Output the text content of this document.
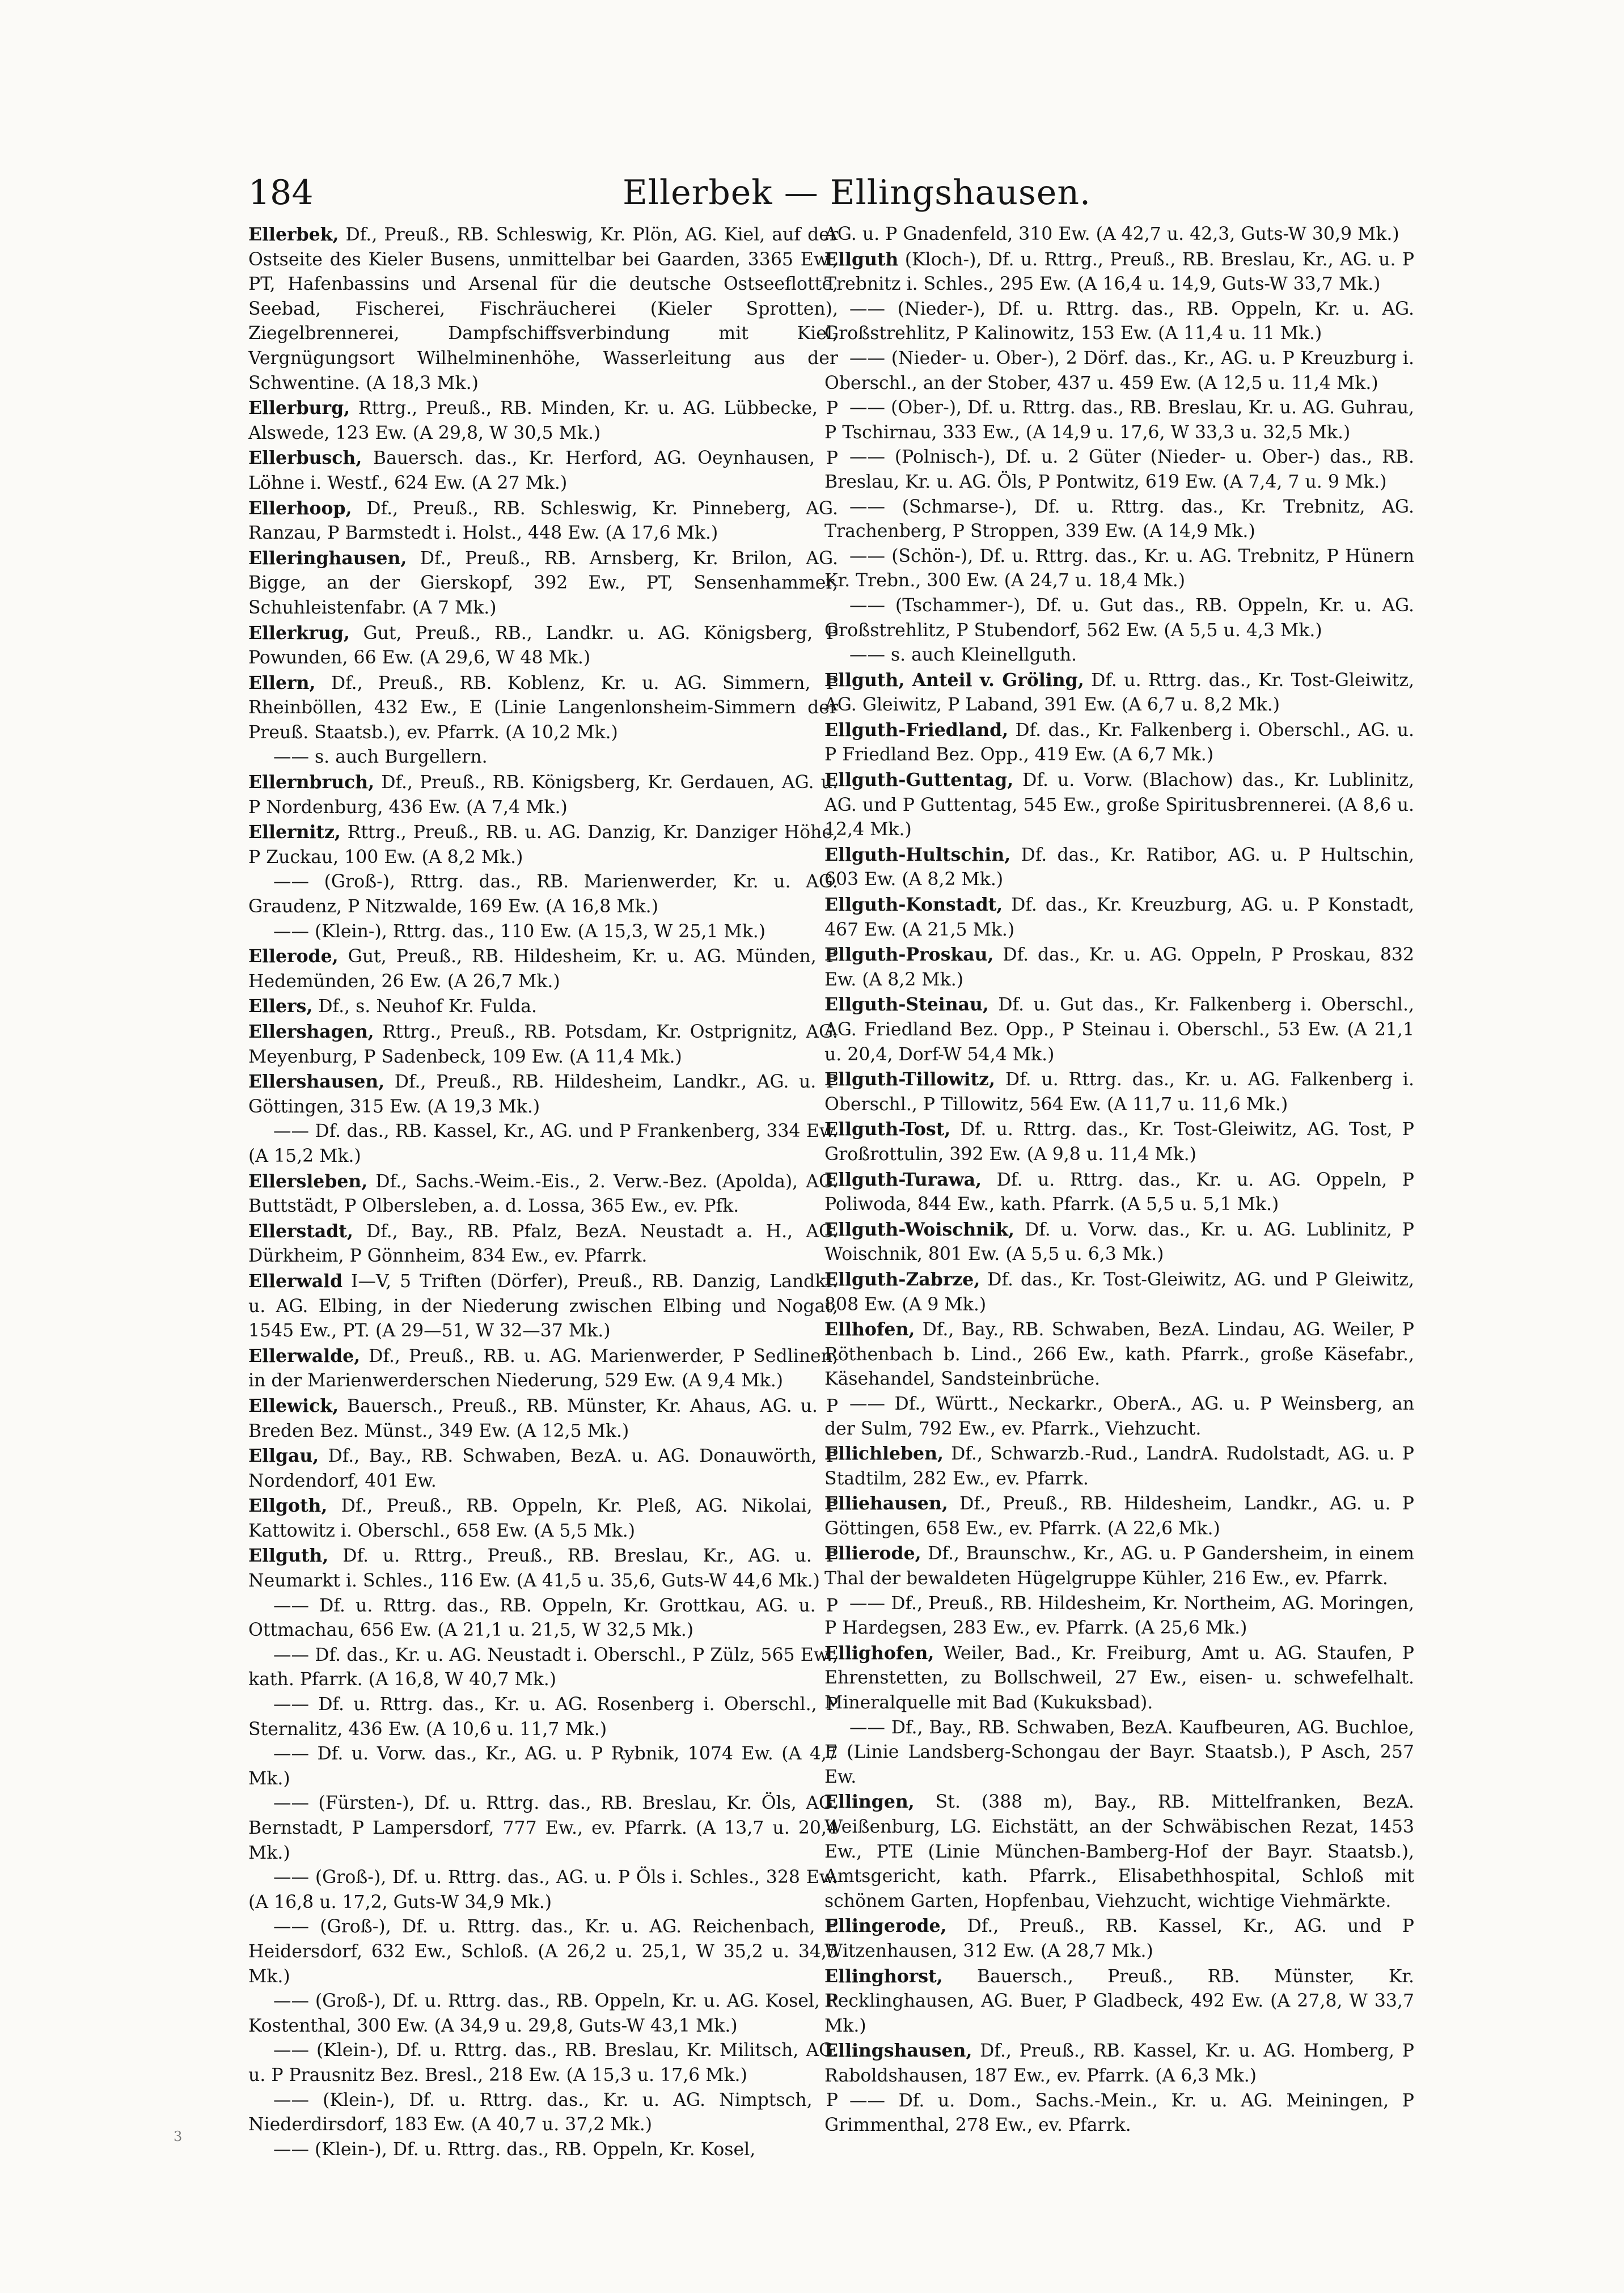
184	Ellerbek — Ellingshausen.

Ellerbek, Df., Preuß., RB. Schleswig, Kr. Plön, AG. Kiel, auf der Ostseite des Kieler Busens, unmittelbar bei Gaarden, 3365 Ew., PT, Hafenbassins und Arsenal für die deutsche Ostseeflotte, Seebad, Fischerei, Fischräucherei (Kieler Sprotten), Ziegelbrennerei, Dampfschiffsverbindung mit Kiel, Vergnügungsort Wilhelminenhöhe, Wasserleitung aus der Schwentine. (A 18,3 Mk.)

Ellerburg, Rttrg., Preuß., RB. Minden, Kr. u. AG. Lübbecke, P Alswede, 123 Ew. (A 29,8, W 30,5 Mk.)

Ellerbusch, Bauersch. das., Kr. Herford, AG. Oeynhausen, P Löhne i. Westf., 624 Ew. (A 27 Mk.)

Ellerhoop, Df., Preuß., RB. Schleswig, Kr. Pinneberg, AG. Ranzau, P Barmstedt i. Holst., 448 Ew. (A 17,6 Mk.)

Elleringhausen, Df., Preuß., RB. Arnsberg, Kr. Brilon, AG. Bigge, an der Gierskopf, 392 Ew., PT, Sensenhammer, Schuhleistenfabr. (A 7 Mk.)

Ellerkrug, Gut, Preuß., RB., Landkr. u. AG. Königsberg, P Powunden, 66 Ew. (A 29,6, W 48 Mk.)

Ellern, Df., Preuß., RB. Koblenz, Kr. u. AG. Simmern, P Rheinböllen, 432 Ew., E (Linie Langenlonsheim-Simmern der Preuß. Staatsb.), ev. Pfarrk. (A 10,2 Mk.)

—— s. auch Burgellern.

Ellernbruch, Df., Preuß., RB. Königsberg, Kr. Gerdauen, AG. u. P Nordenburg, 436 Ew. (A 7,4 Mk.)

Ellernitz, Rttrg., Preuß., RB. u. AG. Danzig, Kr. Danziger Höhe, P Zuckau, 100 Ew. (A 8,2 Mk.)

—— (Groß-), Rttrg. das., RB. Marienwerder, Kr. u. AG. Graudenz, P Nitzwalde, 169 Ew. (A 16,8 Mk.)

—— (Klein-), Rttrg. das., 110 Ew. (A 15,3, W 25,1 Mk.)

Ellerode, Gut, Preuß., RB. Hildesheim, Kr. u. AG. Münden, P Hedemünden, 26 Ew. (A 26,7 Mk.)

Ellers, Df., s. Neuhof Kr. Fulda.

Ellershagen, Rttrg., Preuß., RB. Potsdam, Kr. Ostprignitz, AG. Meyenburg, P Sadenbeck, 109 Ew. (A 11,4 Mk.)

Ellershausen, Df., Preuß., RB. Hildesheim, Landkr., AG. u. P Göttingen, 315 Ew. (A 19,3 Mk.)

—— Df. das., RB. Kassel, Kr., AG. und P Frankenberg, 334 Ew. (A 15,2 Mk.)

Ellersleben, Df., Sachs.-Weim.-Eis., 2. Verw.-Bez. (Apolda), AG. Buttstädt, P Olbersleben, a. d. Lossa, 365 Ew., ev. Pfk.

Ellerstadt, Df., Bay., RB. Pfalz, BezA. Neustadt a. H., AG. Dürkheim, P Gönnheim, 834 Ew., ev. Pfarrk.

Ellerwald I—V, 5 Triften (Dörfer), Preuß., RB. Danzig, Landkr. u. AG. Elbing, in der Niederung zwischen Elbing und Nogat, 1545 Ew., PT. (A 29—51, W 32—37 Mk.)

Ellerwalde, Df., Preuß., RB. u. AG. Marienwerder, P Sedlinen, in der Marienwerderschen Niederung, 529 Ew. (A 9,4 Mk.)

Ellewick, Bauersch., Preuß., RB. Münster, Kr. Ahaus, AG. u. P Breden Bez. Münst., 349 Ew. (A 12,5 Mk.)

Ellgau, Df., Bay., RB. Schwaben, BezA. u. AG. Donauwörth, P Nordendorf, 401 Ew.

Ellgoth, Df., Preuß., RB. Oppeln, Kr. Pleß, AG. Nikolai, P Kattowitz i. Oberschl., 658 Ew. (A 5,5 Mk.)

Ellguth, Df. u. Rttrg., Preuß., RB. Breslau, Kr., AG. u. P Neumarkt i. Schles., 116 Ew. (A 41,5 u. 35,6, Guts-W 44,6 Mk.)

—— Df. u. Rttrg. das., RB. Oppeln, Kr. Grottkau, AG. u. P Ottmachau, 656 Ew. (A 21,1 u. 21,5, W 32,5 Mk.)

—— Df. das., Kr. u. AG. Neustadt i. Oberschl., P Zülz, 565 Ew., kath. Pfarrk. (A 16,8, W 40,7 Mk.)

—— Df. u. Rttrg. das., Kr. u. AG. Rosenberg i. Oberschl., P Sternalitz, 436 Ew. (A 10,6 u. 11,7 Mk.)

—— Df. u. Vorw. das., Kr., AG. u. P Rybnik, 1074 Ew. (A 4,7 Mk.)

—— (Fürsten-), Df. u. Rttrg. das., RB. Breslau, Kr. Öls, AG. Bernstadt, P Lampersdorf, 777 Ew., ev. Pfarrk. (A 13,7 u. 20,4 Mk.)

—— (Groß-), Df. u. Rttrg. das., AG. u. P Öls i. Schles., 328 Ew. (A 16,8 u. 17,2, Guts-W 34,9 Mk.)

—— (Groß-), Df. u. Rttrg. das., Kr. u. AG. Reichenbach, P Heidersdorf, 632 Ew., Schloß. (A 26,2 u. 25,1, W 35,2 u. 34,5 Mk.)

—— (Groß-), Df. u. Rttrg. das., RB. Oppeln, Kr. u. AG. Kosel, P Kostenthal, 300 Ew. (A 34,9 u. 29,8, Guts-W 43,1 Mk.)

—— (Klein-), Df. u. Rttrg. das., RB. Breslau, Kr. Militsch, AG. u. P Prausnitz Bez. Bresl., 218 Ew. (A 15,3 u. 17,6 Mk.)

—— (Klein-), Df. u. Rttrg. das., Kr. u. AG. Nimptsch, P Niederdirsdorf, 183 Ew. (A 40,7 u. 37,2 Mk.)

—— (Klein-), Df. u. Rttrg. das., RB. Oppeln, Kr. Kosel,

AG. u. P Gnadenfeld, 310 Ew. (A 42,7 u. 42,3, Guts-W 30,9 Mk.)

Ellguth (Kloch-), Df. u. Rttrg., Preuß., RB. Breslau, Kr., AG. u. P Trebnitz i. Schles., 295 Ew. (A 16,4 u. 14,9, Guts-W 33,7 Mk.)

—— (Nieder-), Df. u. Rttrg. das., RB. Oppeln, Kr. u. AG. Großstrehlitz, P Kalinowitz, 153 Ew. (A 11,4 u. 11 Mk.)

—— (Nieder- u. Ober-), 2 Dörf. das., Kr., AG. u. P Kreuzburg i. Oberschl., an der Stober, 437 u. 459 Ew. (A 12,5 u. 11,4 Mk.)

—— (Ober-), Df. u. Rttrg. das., RB. Breslau, Kr. u. AG. Guhrau, P Tschirnau, 333 Ew., (A 14,9 u. 17,6, W 33,3 u. 32,5 Mk.)

—— (Polnisch-), Df. u. 2 Güter (Nieder- u. Ober-) das., RB. Breslau, Kr. u. AG. Öls, P Pontwitz, 619 Ew. (A 7,4, 7 u. 9 Mk.)

—— (Schmarse-), Df. u. Rttrg. das., Kr. Trebnitz, AG. Trachenberg, P Stroppen, 339 Ew. (A 14,9 Mk.)

—— (Schön-), Df. u. Rttrg. das., Kr. u. AG. Trebnitz, P Hünern Kr. Trebn., 300 Ew. (A 24,7 u. 18,4 Mk.)

—— (Tschammer-), Df. u. Gut das., RB. Oppeln, Kr. u. AG. Großstrehlitz, P Stubendorf, 562 Ew. (A 5,5 u. 4,3 Mk.)

—— s. auch Kleinellguth.

Ellguth, Anteil v. Gröling, Df. u. Rttrg. das., Kr. Tost-Gleiwitz, AG. Gleiwitz, P Laband, 391 Ew. (A 6,7 u. 8,2 Mk.)

Ellguth-Friedland, Df. das., Kr. Falkenberg i. Oberschl., AG. u. P Friedland Bez. Opp., 419 Ew. (A 6,7 Mk.)

Ellguth-Guttentag, Df. u. Vorw. (Blachow) das., Kr. Lublinitz, AG. und P Guttentag, 545 Ew., große Spiritusbrennerei. (A 8,6 u. 12,4 Mk.)

Ellguth-Hultschin, Df. das., Kr. Ratibor, AG. u. P Hultschin, 603 Ew. (A 8,2 Mk.)

Ellguth-Konstadt, Df. das., Kr. Kreuzburg, AG. u. P Konstadt, 467 Ew. (A 21,5 Mk.)

Ellguth-Proskau, Df. das., Kr. u. AG. Oppeln, P Proskau, 832 Ew. (A 8,2 Mk.)

Ellguth-Steinau, Df. u. Gut das., Kr. Falkenberg i. Oberschl., AG. Friedland Bez. Opp., P Steinau i. Oberschl., 53 Ew. (A 21,1 u. 20,4, Dorf-W 54,4 Mk.)

Ellguth-Tillowitz, Df. u. Rttrg. das., Kr. u. AG. Falkenberg i. Oberschl., P Tillowitz, 564 Ew. (A 11,7 u. 11,6 Mk.)

Ellguth-Tost, Df. u. Rttrg. das., Kr. Tost-Gleiwitz, AG. Tost, P Großrottulin, 392 Ew. (A 9,8 u. 11,4 Mk.)

Ellguth-Turawa, Df. u. Rttrg. das., Kr. u. AG. Oppeln, P Poliwoda, 844 Ew., kath. Pfarrk. (A 5,5 u. 5,1 Mk.)

Ellguth-Woischnik, Df. u. Vorw. das., Kr. u. AG. Lublinitz, P Woischnik, 801 Ew. (A 5,5 u. 6,3 Mk.)

Ellguth-Zabrze, Df. das., Kr. Tost-Gleiwitz, AG. und P Gleiwitz, 808 Ew. (A 9 Mk.)

Ellhofen, Df., Bay., RB. Schwaben, BezA. Lindau, AG. Weiler, P Röthenbach b. Lind., 266 Ew., kath. Pfarrk., große Käsefabr., Käsehandel, Sandsteinbrüche.

—— Df., Württ., Neckarkr., OberA., AG. u. P Weinsberg, an der Sulm, 792 Ew., ev. Pfarrk., Viehzucht.

Ellichleben, Df., Schwarzb.-Rud., LandrA. Rudolstadt, AG. u. P Stadtilm, 282 Ew., ev. Pfarrk.

Elliehausen, Df., Preuß., RB. Hildesheim, Landkr., AG. u. P Göttingen, 658 Ew., ev. Pfarrk. (A 22,6 Mk.)

Ellierode, Df., Braunschw., Kr., AG. u. P Gandersheim, in einem Thal der bewaldeten Hügelgruppe Kühler, 216 Ew., ev. Pfarrk.

—— Df., Preuß., RB. Hildesheim, Kr. Northeim, AG. Moringen, P Hardegsen, 283 Ew., ev. Pfarrk. (A 25,6 Mk.)

Ellighofen, Weiler, Bad., Kr. Freiburg, Amt u. AG. Staufen, P Ehrenstetten, zu Bollschweil, 27 Ew., eisen- u. schwefelhalt. Mineralquelle mit Bad (Kukuksbad).

—— Df., Bay., RB. Schwaben, BezA. Kaufbeuren, AG. Buchloe, E (Linie Landsberg-Schongau der Bayr. Staatsb.), P Asch, 257 Ew.

Ellingen, St. (388 m), Bay., RB. Mittelfranken, BezA. Weißenburg, LG. Eichstätt, an der Schwäbischen Rezat, 1453 Ew., PTE (Linie München-Bamberg-Hof der Bayr. Staatsb.), Amtsgericht, kath. Pfarrk., Elisabethhospital, Schloß mit schönem Garten, Hopfenbau, Viehzucht, wichtige Viehmärkte.

Ellingerode, Df., Preuß., RB. Kassel, Kr., AG. und P Witzenhausen, 312 Ew. (A 28,7 Mk.)

Ellinghorst, Bauersch., Preuß., RB. Münster, Kr. Recklinghausen, AG. Buer, P Gladbeck, 492 Ew. (A 27,8, W 33,7 Mk.)

Ellingshausen, Df., Preuß., RB. Kassel, Kr. u. AG. Homberg, P Raboldshausen, 187 Ew., ev. Pfarrk. (A 6,3 Mk.)

—— Df. u. Dom., Sachs.-Mein., Kr. u. AG. Meiningen, P Grimmenthal, 278 Ew., ev. Pfarrk.

3
